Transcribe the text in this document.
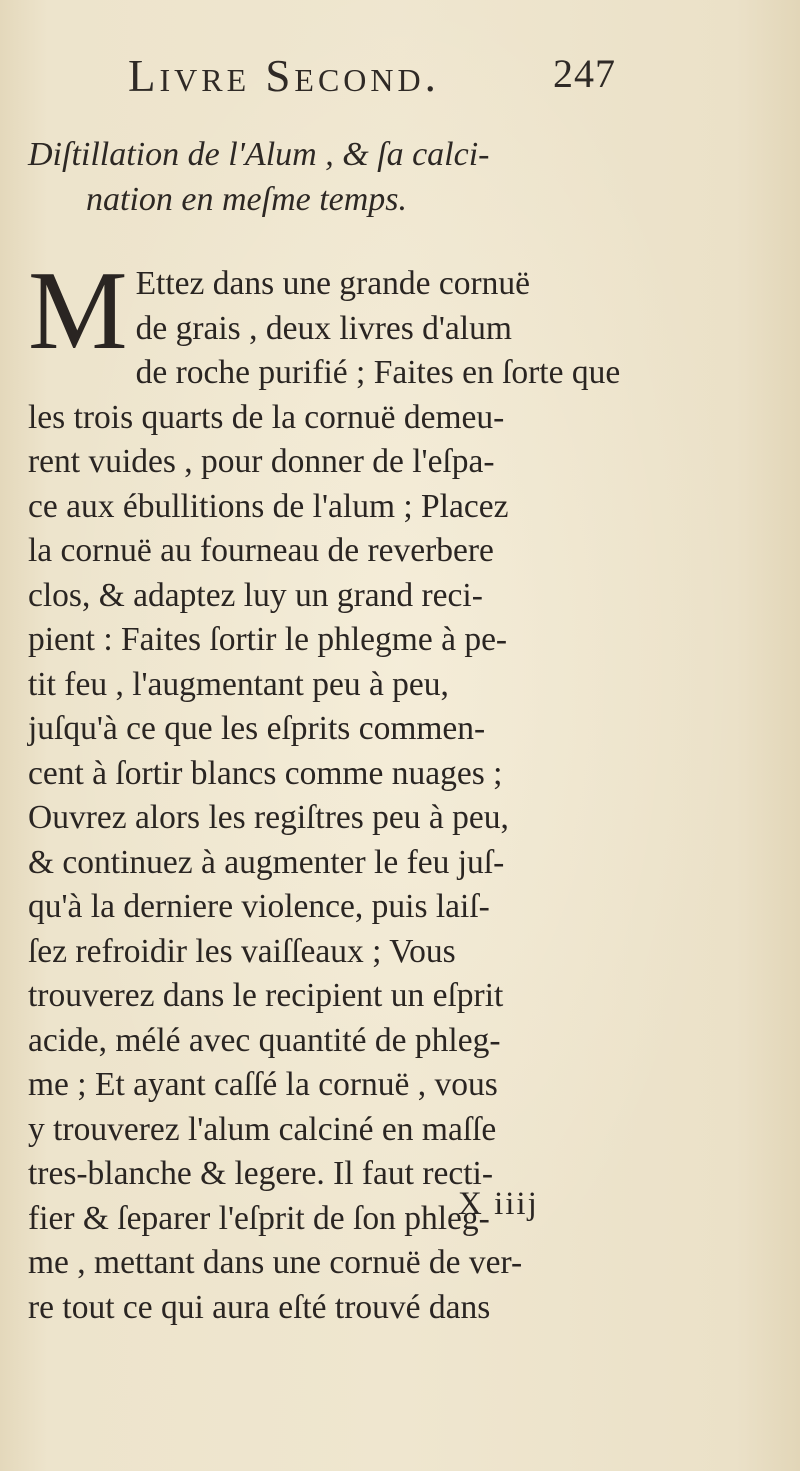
Livre Second.	247
Diſtillation de l'Alum , & ſa calci-
nation en meſme temps.
M Ettez dans une grande cornuë
de grais , deux livres d'alum
de roche purifié ; Faites en ſorte que
les trois quarts de la cornuë demeu-
rent vuides , pour donner de l'eſpa-
ce aux ébullitions de l'alum ; Placez
la cornuë au fourneau de reverbere
clos, & adaptez luy un grand reci-
pient : Faites ſortir le phlegme à pe-
tit feu , l'augmentant peu à peu,
juſqu'à ce que les eſprits commen-
cent à ſortir blancs comme nuages ;
Ouvrez alors les regiſtres peu à peu,
& continuez à augmenter le feu juſ-
qu'à la derniere violence, puis laiſ-
ſez refroidir les vaiſſeaux ; Vous
trouverez dans le recipient un eſprit
acide, mélé avec quantité de phleg-
me ; Et ayant caſſé la cornuë , vous
y trouverez l'alum calciné en maſſe
tres-blanche & legere. Il faut recti-
fier & ſeparer l'eſprit de ſon phleg-
me , mettant dans une cornuë de ver-
re tout ce qui aura eſté trouvé dans
X iiij
